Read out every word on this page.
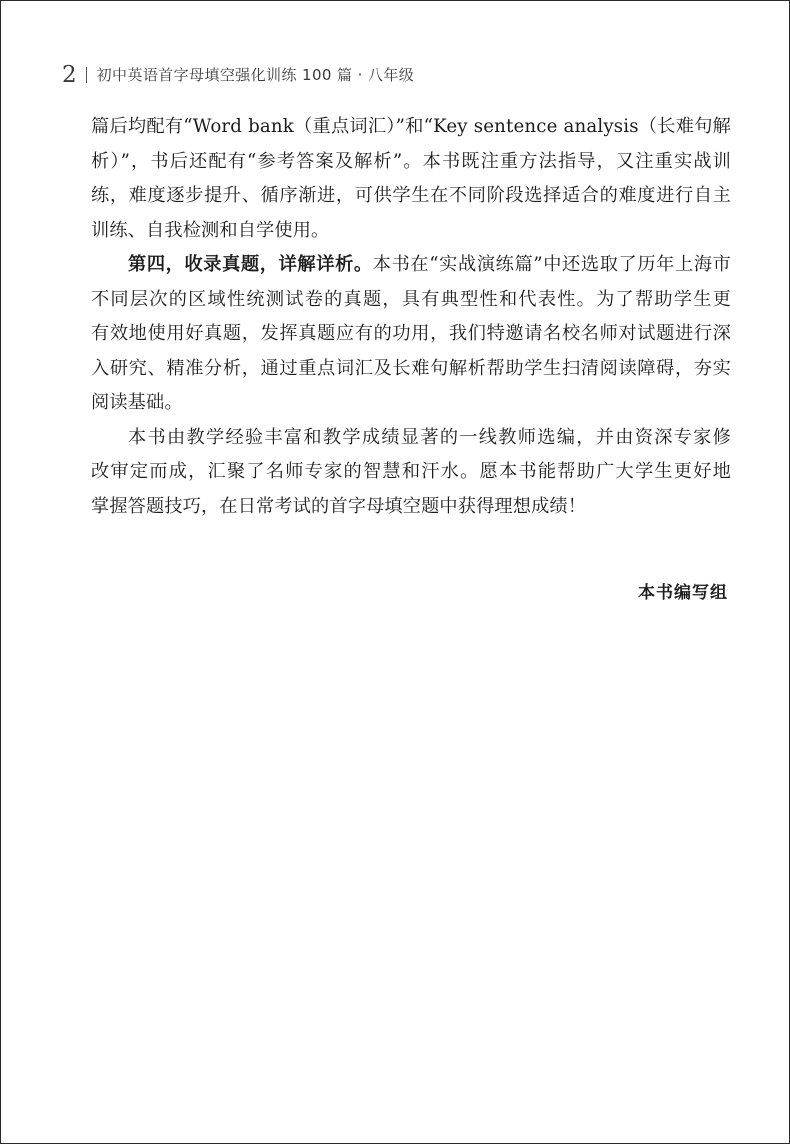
2 初中英语首字母填空强化训练 100 篇 · 八年级
篇后均配有“Word bank（重点词汇）”和“Key sentence analysis（长难句解
析）”，书后还配有“参考答案及解析”。本书既注重方法指导，又注重实战训
练，难度逐步提升、循序渐进，可供学生在不同阶段选择适合的难度进行自主
训练、自我检测和自学使用。
第四，收录真题，详解详析。本书在“实战演练篇”中还选取了历年上海市
不同层次的区域性统测试卷的真题，具有典型性和代表性。为了帮助学生更
有效地使用好真题，发挥真题应有的功用，我们特邀请名校名师对试题进行深
入研究、精准分析，通过重点词汇及长难句解析帮助学生扫清阅读障碍，夯实
阅读基础。
本书由教学经验丰富和教学成绩显著的一线教师选编，并由资深专家修
改审定而成，汇聚了名师专家的智慧和汗水。愿本书能帮助广大学生更好地
掌握答题技巧，在日常考试的首字母填空题中获得理想成绩！
本书编写组
